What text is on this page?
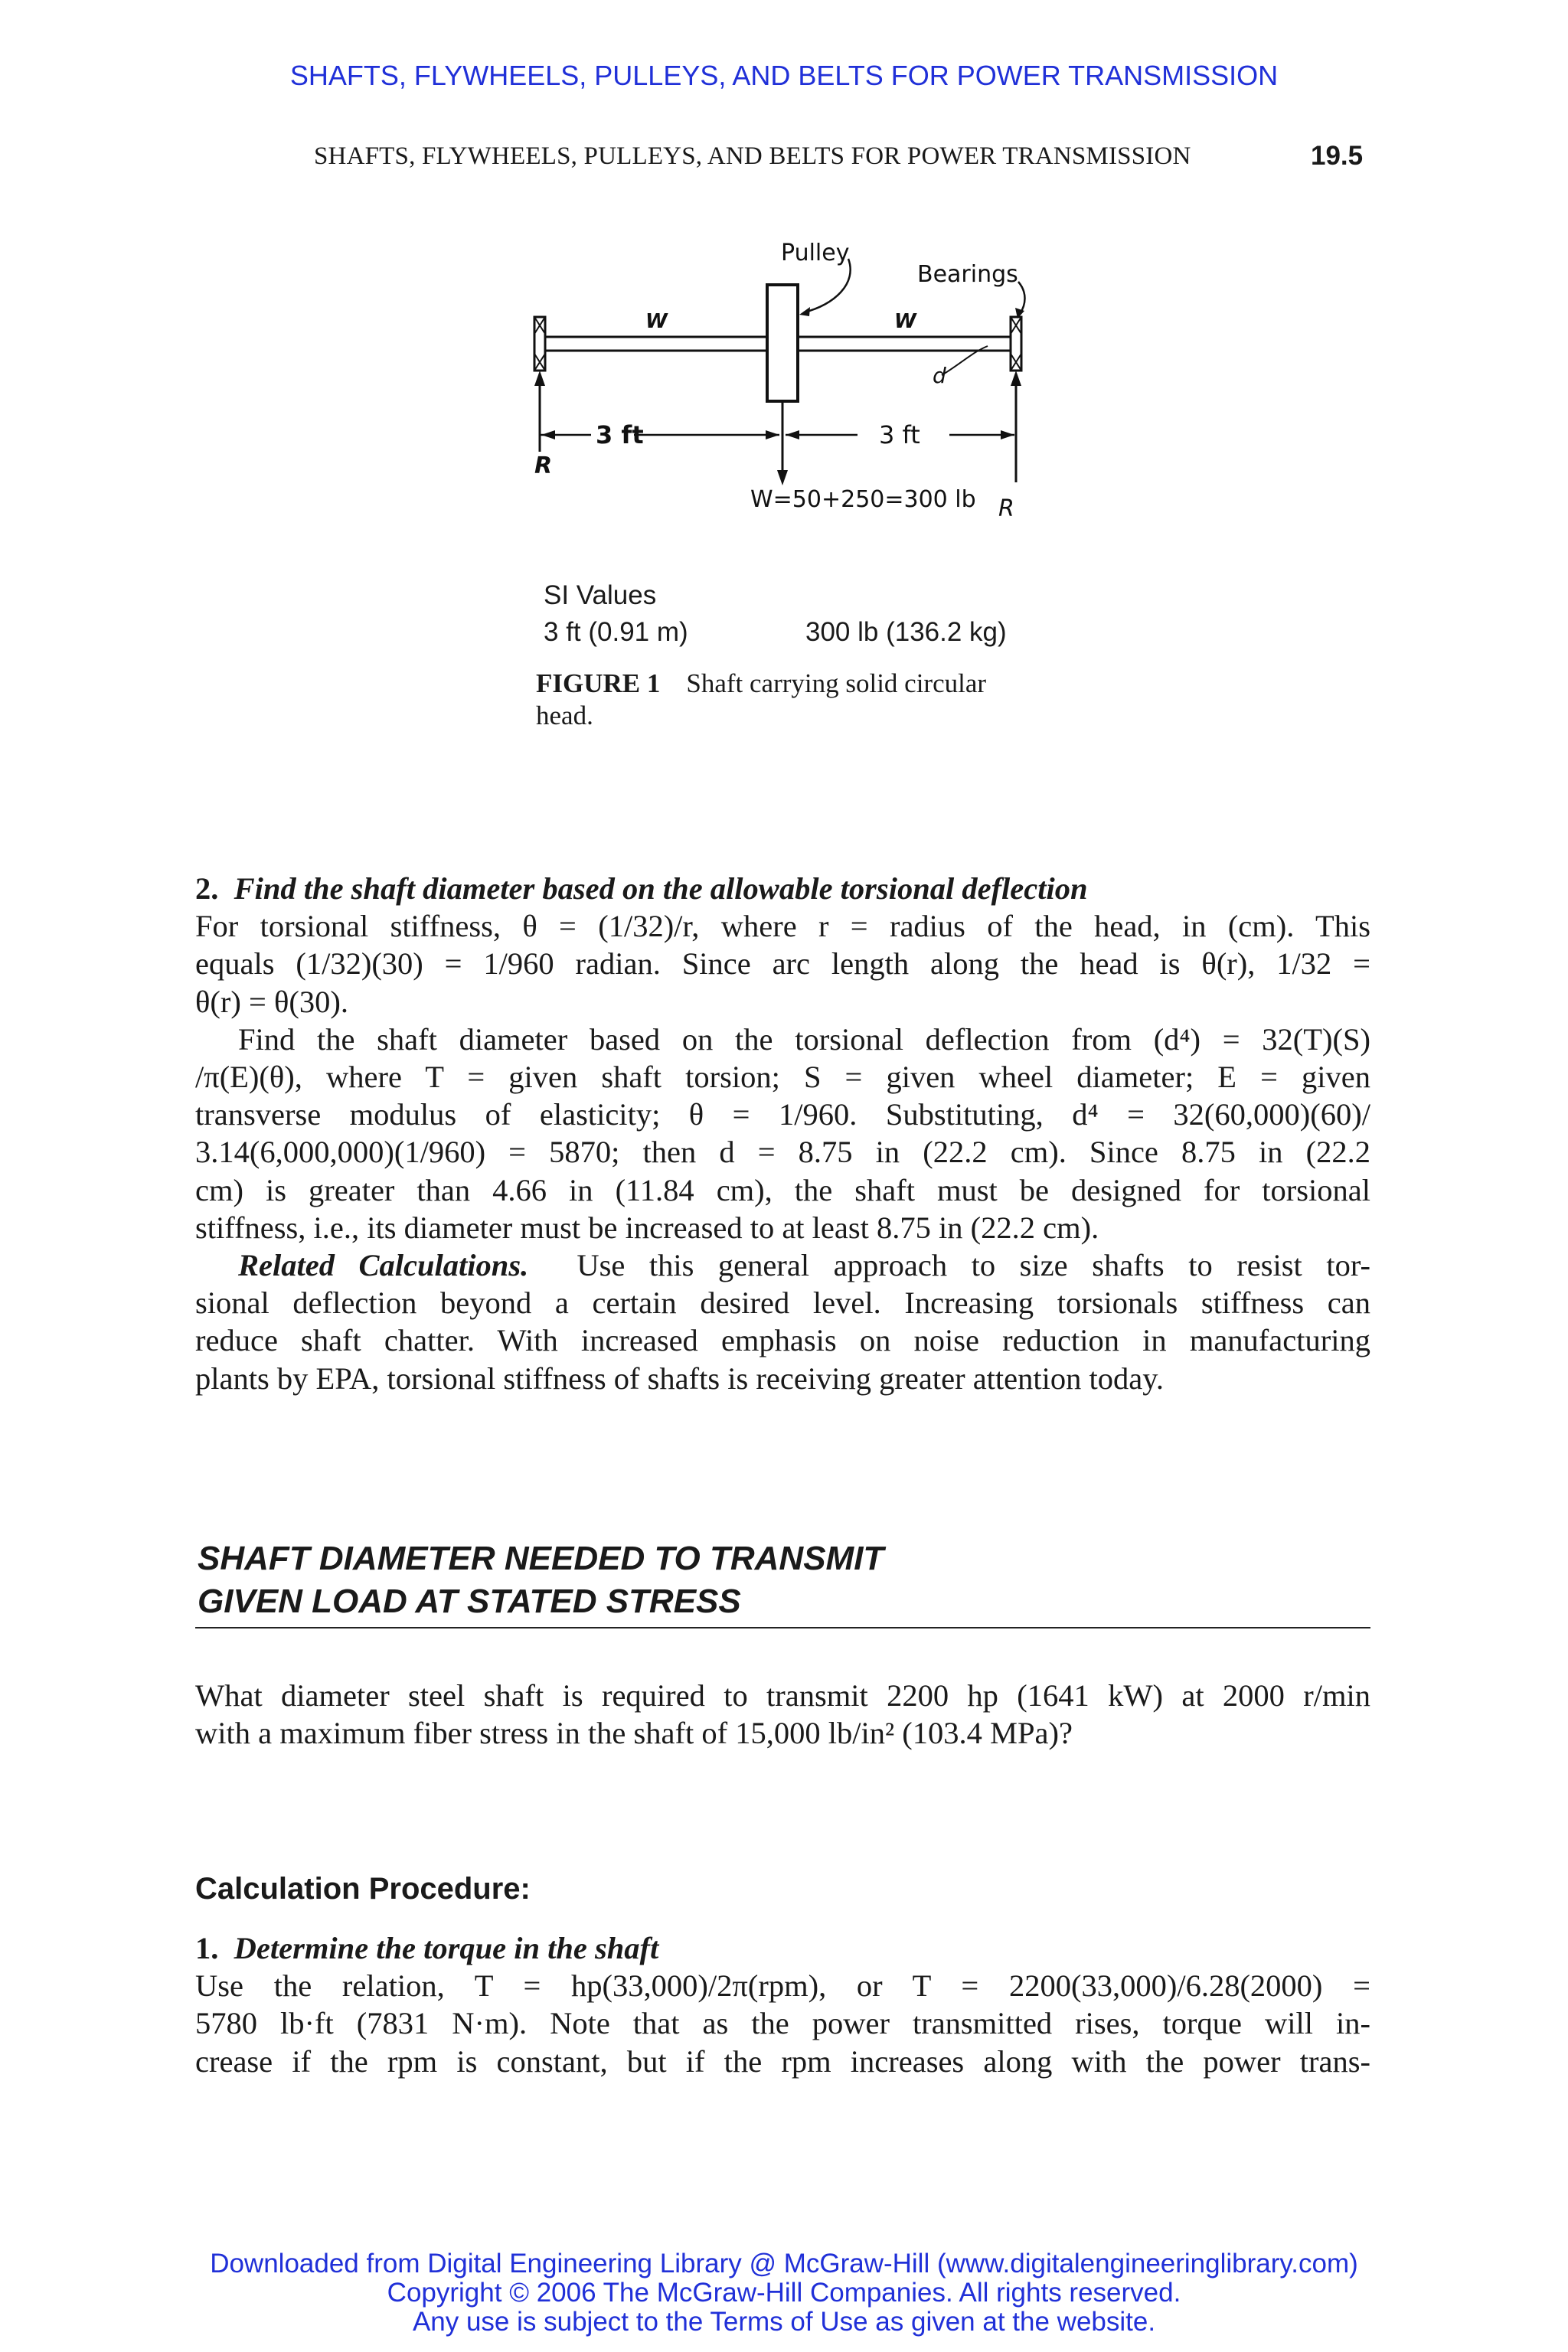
SHAFTS, FLYWHEELS, PULLEYS, AND BELTS FOR POWER TRANSMISSION
SHAFTS, FLYWHEELS, PULLEYS, AND BELTS FOR POWER TRANSMISSION	19.5
Pulley
Bearings
W	W
d
3 ft	3 ft
R
R
W=50+250=300 lb
SI Values
3 ft (0.91 m)	300 lb (136.2 kg)
FIGURE 1 Shaft carrying solid circular head.
2. Find the shaft diameter based on the allowable torsional deflection
For torsional stiffness, θ = (1/32)/r, where r = radius of the head, in (cm). This
equals (1/32)(30) = 1/960 radian. Since arc length along the head is θ(r), 1/32 =
θ(r) = θ(30).
Find the shaft diameter based on the torsional deflection from (d⁴) = 32(T)(S)
/π(E)(θ), where T = given shaft torsion; S = given wheel diameter; E = given
transverse modulus of elasticity; θ = 1/960. Substituting, d⁴ = 32(60,000)(60)/
3.14(6,000,000)(1/960) = 5870; then d = 8.75 in (22.2 cm). Since 8.75 in (22.2
cm) is greater than 4.66 in (11.84 cm), the shaft must be designed for torsional
stiffness, i.e., its diameter must be increased to at least 8.75 in (22.2 cm).
Related Calculations. Use this general approach to size shafts to resist tor-
sional deflection beyond a certain desired level. Increasing torsionals stiffness can
reduce shaft chatter. With increased emphasis on noise reduction in manufacturing
plants by EPA, torsional stiffness of shafts is receiving greater attention today.
SHAFT DIAMETER NEEDED TO TRANSMIT
GIVEN LOAD AT STATED STRESS
What diameter steel shaft is required to transmit 2200 hp (1641 kW) at 2000 r/min
with a maximum fiber stress in the shaft of 15,000 lb/in² (103.4 MPa)?
Calculation Procedure:
1. Determine the torque in the shaft
Use the relation, T = hp(33,000)/2π(rpm), or T = 2200(33,000)/6.28(2000) =
5780 lb·ft (7831 N·m). Note that as the power transmitted rises, torque will in-
crease if the rpm is constant, but if the rpm increases along with the power trans-
Downloaded from Digital Engineering Library @ McGraw-Hill (www.digitalengineeringlibrary.com)
Copyright © 2006 The McGraw-Hill Companies. All rights reserved.
Any use is subject to the Terms of Use as given at the website.
